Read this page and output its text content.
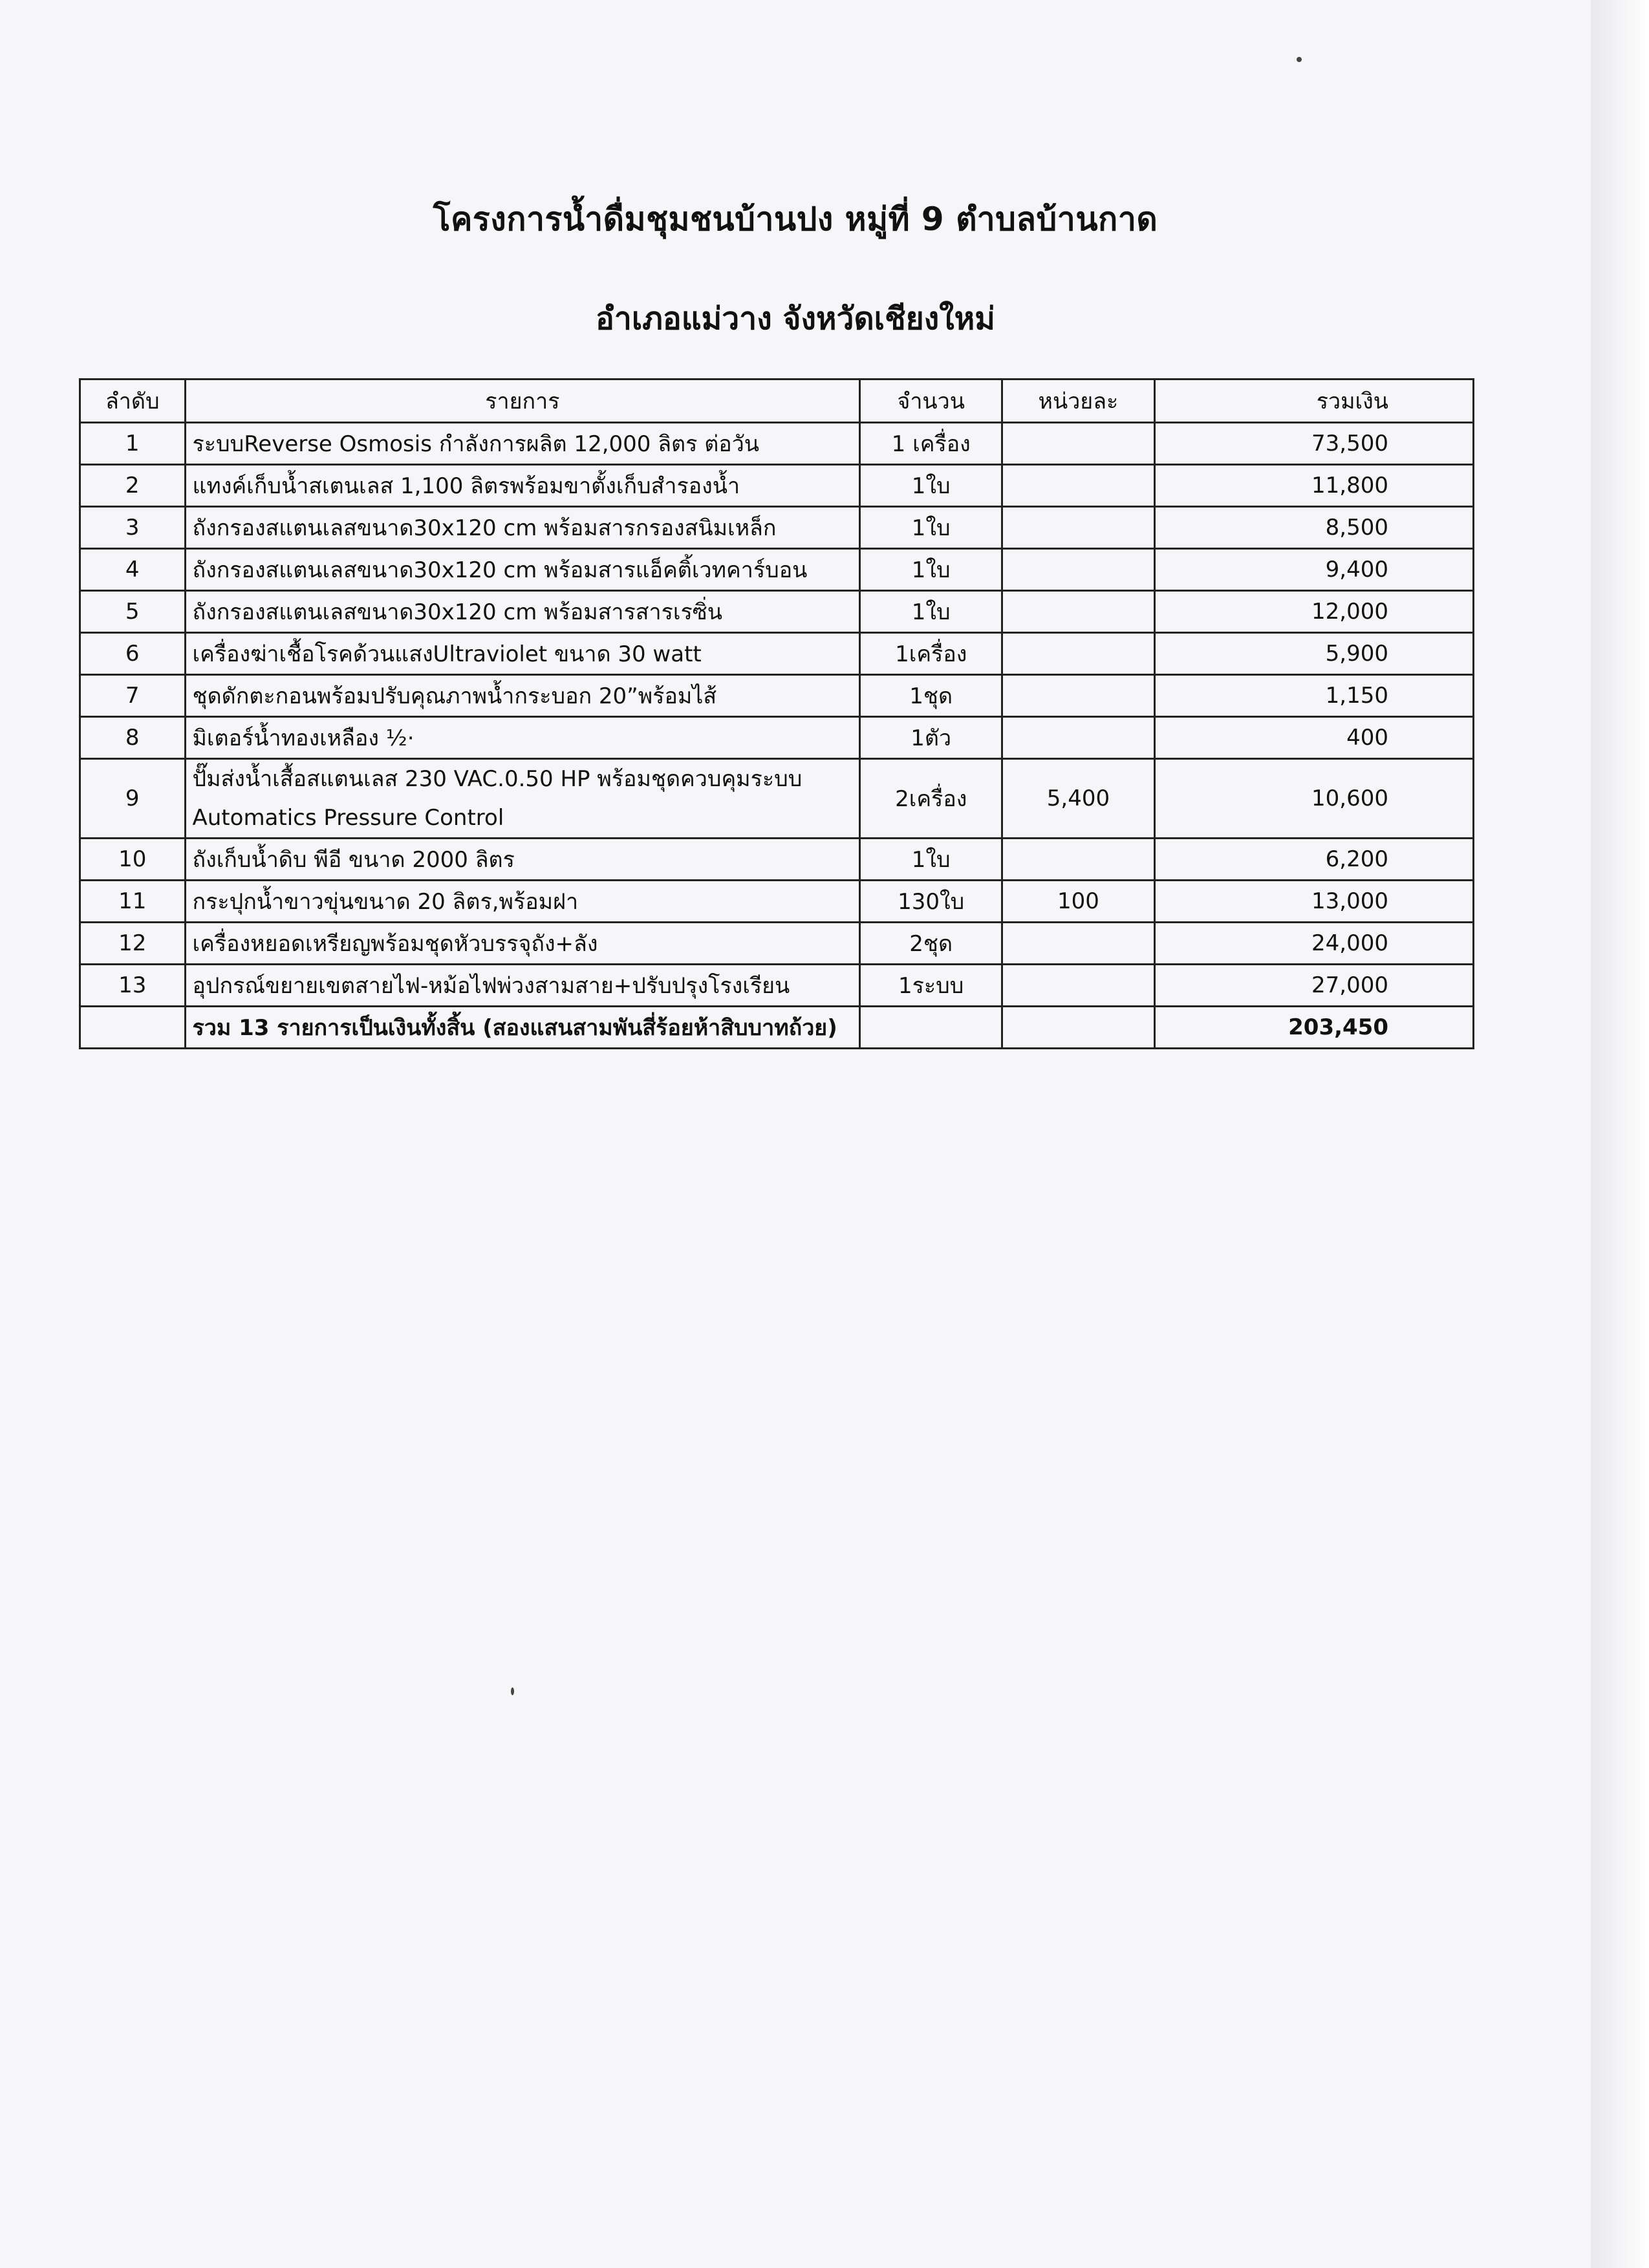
โครงการน้ำดื่มชุมชนบ้านปง หมู่ที่ 9 ตำบลบ้านกาด
อำเภอแม่วาง จังหวัดเชียงใหม่
ลำดับ	รายการ	จำนวน	หน่วยละ	รวมเงิน
1	ระบบReverse Osmosis กำลังการผลิต 12,000 ลิตร ต่อวัน	1 เครื่อง		73,500
2	แทงค์เก็บน้ำสเตนเลส 1,100 ลิตรพร้อมขาตั้งเก็บสำรองน้ำ	1ใบ		11,800
3	ถังกรองสแตนเลสขนาด30x120 cm พร้อมสารกรองสนิมเหล็ก	1ใบ		8,500
4	ถังกรองสแตนเลสขนาด30x120 cm พร้อมสารแอ็คติ้เวทคาร์บอน	1ใบ		9,400
5	ถังกรองสแตนเลสขนาด30x120 cm พร้อมสารสารเรซิ่น	1ใบ		12,000
6	เครื่องฆ่าเชื้อโรคด้วนแสงUltraviolet ขนาด 30 watt	1เครื่อง		5,900
7	ชุดดักตะกอนพร้อมปรับคุณภาพน้ำกระบอก 20”พร้อมไส้	1ชุด		1,150
8	มิเตอร์น้ำทองเหลือง ½·	1ตัว		400
9	ปั๊มส่งน้ำเสื้อสแตนเลส 230 VAC.0.50 HP พร้อมชุดควบคุมระบบ
Automatics Pressure Control	2เครื่อง	5,400	10,600
10	ถังเก็บน้ำดิบ พีอี ขนาด 2000 ลิตร	1ใบ		6,200
11	กระปุกน้ำขาวขุ่นขนาด 20 ลิตร,พร้อมฝา	130ใบ	100	13,000
12	เครื่องหยอดเหรียญพร้อมชุดหัวบรรจุถัง+ลัง	2ชุด		24,000
13	อุปกรณ์ขยายเขตสายไฟ-หม้อไฟพ่วงสามสาย+ปรับปรุงโรงเรียน	1ระบบ		27,000
	รวม 13 รายการเป็นเงินทั้งสิ้น (สองแสนสามพันสี่ร้อยห้าสิบบาทถ้วย)			203,450
